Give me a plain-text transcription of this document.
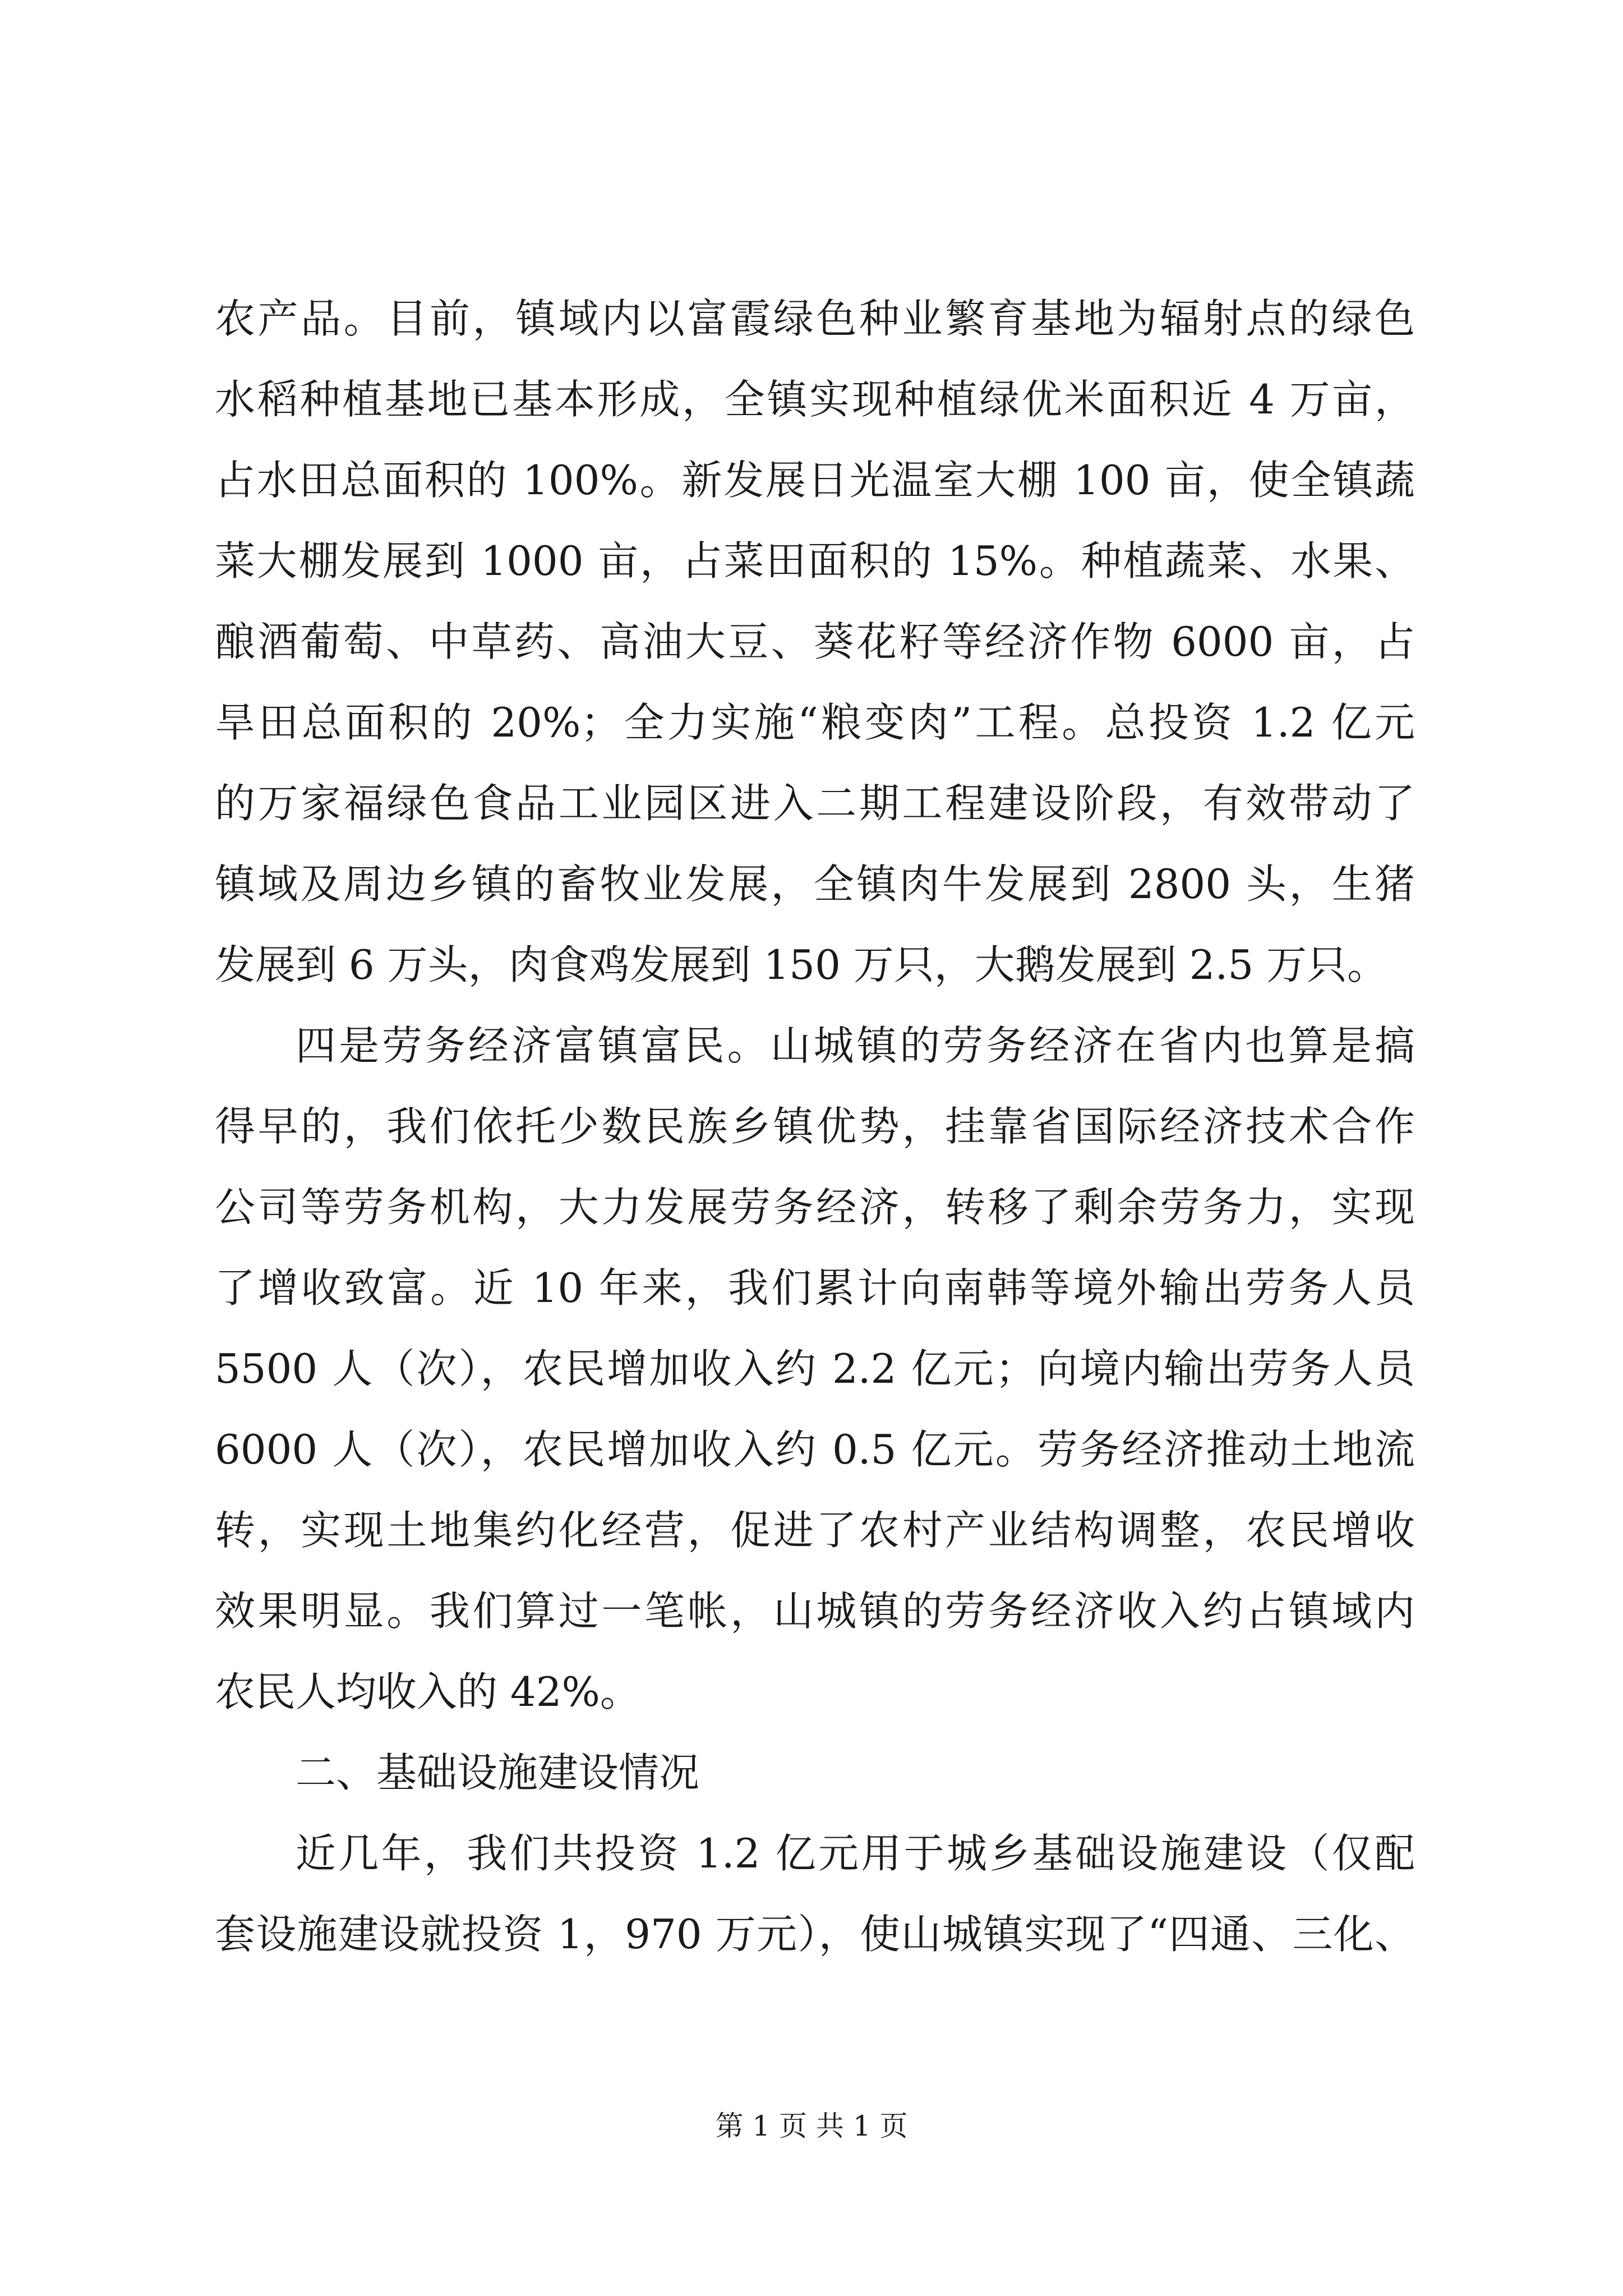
农产品。目前，镇域内以富霞绿色种业繁育基地为辐射点的绿色
水稻种植基地已基本形成，全镇实现种植绿优米面积近 4 万亩，
占水田总面积的 100%。新发展日光温室大棚 100 亩，使全镇蔬
菜大棚发展到 1000 亩，占菜田面积的 15%。种植蔬菜、水果、
酿酒葡萄、中草药、高油大豆、葵花籽等经济作物 6000 亩，占
旱田总面积的 20%；全力实施“粮变肉”工程。总投资 1.2 亿元
的万家福绿色食品工业园区进入二期工程建设阶段，有效带动了
镇域及周边乡镇的畜牧业发展，全镇肉牛发展到 2800 头，生猪
发展到 6 万头，肉食鸡发展到 150 万只，大鹅发展到 2.5 万只。
四是劳务经济富镇富民。山城镇的劳务经济在省内也算是搞
得早的，我们依托少数民族乡镇优势，挂靠省国际经济技术合作
公司等劳务机构，大力发展劳务经济，转移了剩余劳务力，实现
了增收致富。近 10 年来，我们累计向南韩等境外输出劳务人员
5500 人（次），农民增加收入约 2.2 亿元；向境内输出劳务人员
6000 人（次），农民增加收入约 0.5 亿元。劳务经济推动土地流
转，实现土地集约化经营，促进了农村产业结构调整，农民增收
效果明显。我们算过一笔帐，山城镇的劳务经济收入约占镇域内
农民人均收入的 42%。
二、基础设施建设情况
近几年，我们共投资 1.2 亿元用于城乡基础设施建设（仅配
套设施建设就投资 1，970 万元），使山城镇实现了“四通、三化、
第 1 页 共 1 页
